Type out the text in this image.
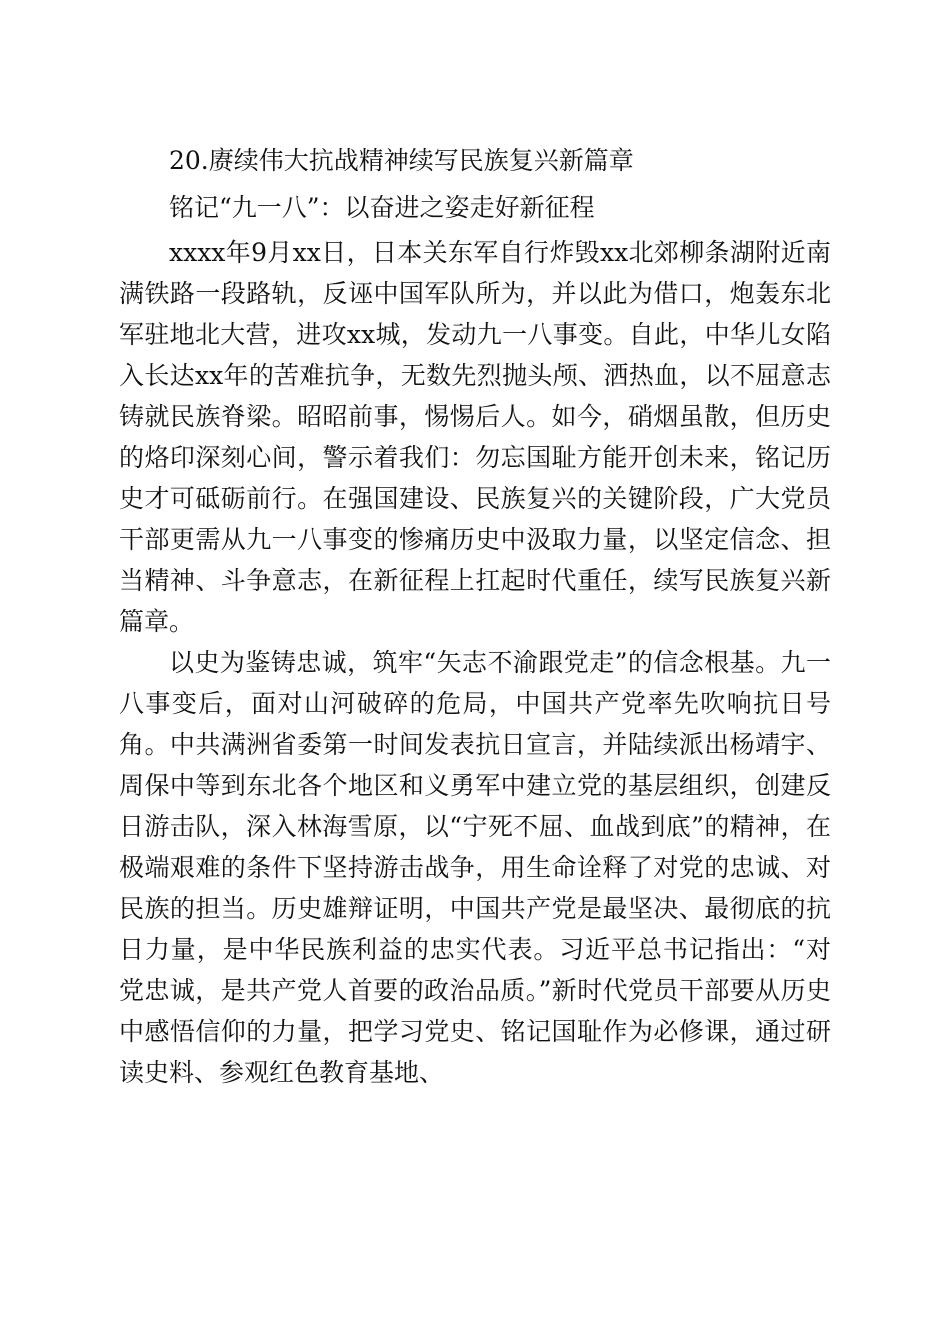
20.赓续伟大抗战精神续写民族复兴新篇章

铭记“九一八”：以奋进之姿走好新征程

xxxx年9月xx日，日本关东军自行炸毁xx北郊柳条湖附近南满铁路一段路轨，反诬中国军队所为，并以此为借口，炮轰东北军驻地北大营，进攻xx城，发动九一八事变。自此，中华儿女陷入长达xx年的苦难抗争，无数先烈抛头颅、洒热血，以不屈意志铸就民族脊梁。昭昭前事，惕惕后人。如今，硝烟虽散，但历史的烙印深刻心间，警示着我们：勿忘国耻方能开创未来，铭记历史才可砥砺前行。在强国建设、民族复兴的关键阶段，广大党员干部更需从九一八事变的惨痛历史中汲取力量，以坚定信念、担当精神、斗争意志，在新征程上扛起时代重任，续写民族复兴新篇章。

以史为鉴铸忠诚，筑牢“矢志不渝跟党走”的信念根基。九一八事变后，面对山河破碎的危局，中国共产党率先吹响抗日号角。中共满洲省委第一时间发表抗日宣言，并陆续派出杨靖宇、周保中等到东北各个地区和义勇军中建立党的基层组织，创建反日游击队，深入林海雪原，以“宁死不屈、血战到底”的精神，在极端艰难的条件下坚持游击战争，用生命诠释了对党的忠诚、对民族的担当。历史雄辩证明，中国共产党是最坚决、最彻底的抗日力量，是中华民族利益的忠实代表。习近平总书记指出：“对党忠诚，是共产党人首要的政治品质。”新时代党员干部要从历史中感悟信仰的力量，把学习党史、铭记国耻作为必修课，通过研读史料、参观红色教育基地、
